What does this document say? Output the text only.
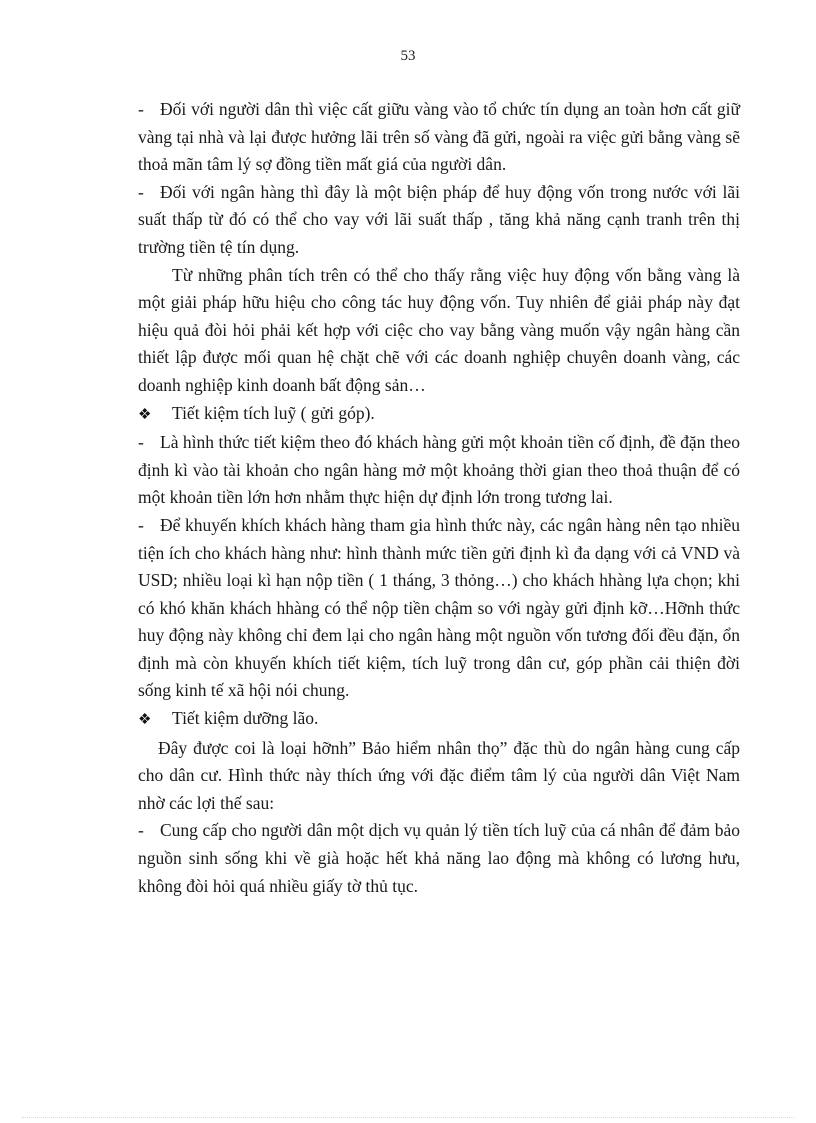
53

- Đối với người dân thì việc cất giữu vàng vào tổ chức tín dụng an toàn hơn cất giữ vàng tại nhà và lại được hưởng lãi trên số vàng đã gửi, ngoài ra việc gửi bằng vàng sẽ thoả mãn tâm lý sợ đồng tiền mất giá của người dân.

- Đối với ngân hàng thì đây là một biện pháp để huy động vốn trong nước với lãi suất thấp từ đó có thể cho vay với lãi suất thấp , tăng khả năng cạnh tranh trên thị trường tiền tệ tín dụng.

Từ những phân tích trên có thể cho thấy rằng việc huy động vốn bằng vàng là một giải pháp hữu hiệu cho công tác huy động vốn. Tuy nhiên để giải pháp này đạt hiệu quả đòi hỏi phải kết hợp với ciệc cho vay bằng vàng muốn vậy ngân hàng cần thiết lập được mối quan hệ chặt chẽ với các doanh nghiệp chuyên doanh vàng, các doanh nghiệp kinh doanh bất động sản…

❖	Tiết kiệm tích luỹ ( gửi góp).

- Là hình thức tiết kiệm theo đó khách hàng gửi một khoản tiền cố định, đề đặn theo định kì vào tài khoản cho ngân hàng mở một khoảng thời gian theo thoả thuận để có một khoản tiền lớn hơn nhằm thực hiện dự định lớn trong tương lai.

- Để khuyến khích khách hàng tham gia hình thức này, các ngân hàng nên tạo nhiều tiện ích cho khách hàng như: hình thành mức tiền gửi định kì đa dạng với cả VND và USD; nhiều loại kì hạn nộp tiền ( 1 tháng, 3 thỏng…) cho khách hhàng lựa chọn; khi có khó khăn khách hhàng có thể nộp tiền chậm so với ngày gửi định kỡ…Hỡnh thức huy động này không chỉ đem lại cho ngân hàng một nguồn vốn tương đối đều đặn, ổn định mà còn khuyến khích tiết kiệm, tích luỹ trong dân cư, góp phần cải thiện đời sống kinh tế xã hội nói chung.

❖	Tiết kiệm dưỡng lão.

Đây được coi là loại hỡnh” Bảo hiểm nhân thọ” đặc thù do ngân hàng cung cấp cho dân cư. Hình thức này thích ứng với đặc điểm tâm lý của người dân Việt Nam nhờ các lợi thế sau:

- Cung cấp cho người dân một dịch vụ quản lý tiền tích luỹ của cá nhân để đảm bảo nguồn sinh sống khi về già hoặc hết khả năng lao động mà không có lương hưu, không đòi hỏi quá nhiều giấy tờ thủ tục.
